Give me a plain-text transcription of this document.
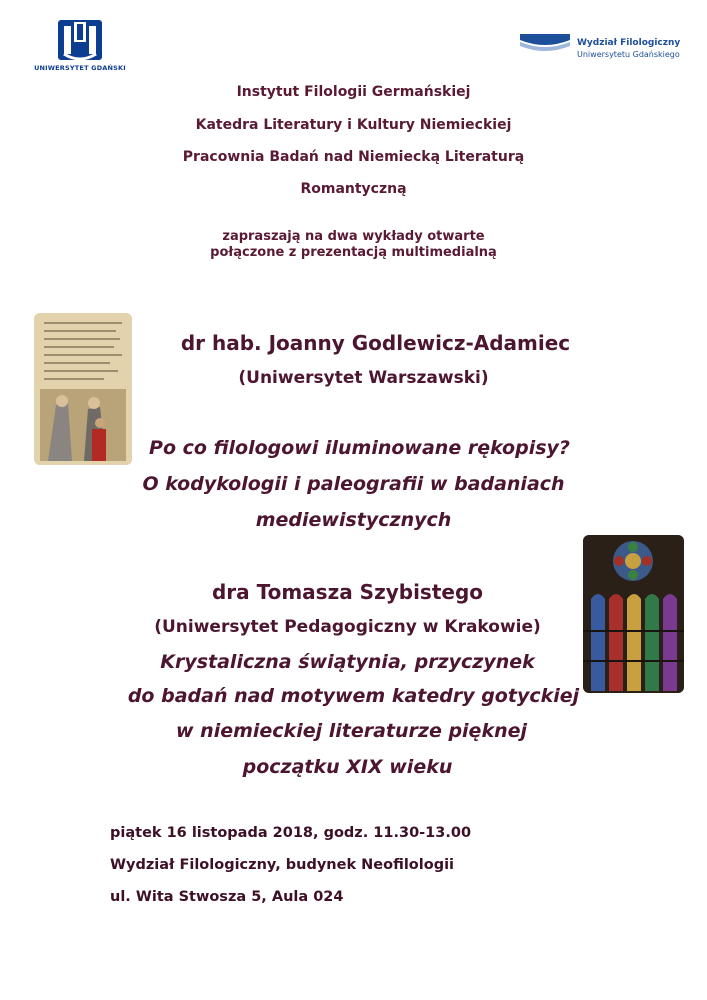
UNIWERSYTET GDAŃSKI
Wydział Filologiczny
Uniwersytetu Gdańskiego
Instytut Filologii Germańskiej
Katedra Literatury i Kultury Niemieckiej
Pracownia Badań nad Niemiecką Literaturą
Romantyczną
zapraszają na dwa wykłady otwarte
połączone z prezentacją multimedialną
dr hab. Joanny Godlewicz-Adamiec
(Uniwersytet Warszawski)
Po co filologowi iluminowane rękopisy?
O kodykologii i paleografii w badaniach
mediewistycznych
dra Tomasza Szybistego
(Uniwersytet Pedagogiczny w Krakowie)
Krystaliczna świątynia, przyczynek
do badań nad motywem katedry gotyckiej
w niemieckiej literaturze pięknej
początku XIX wieku
piątek 16 listopada 2018, godz. 11.30-13.00
Wydział Filologiczny, budynek Neofilologii
ul. Wita Stwosza 5, Aula 024
